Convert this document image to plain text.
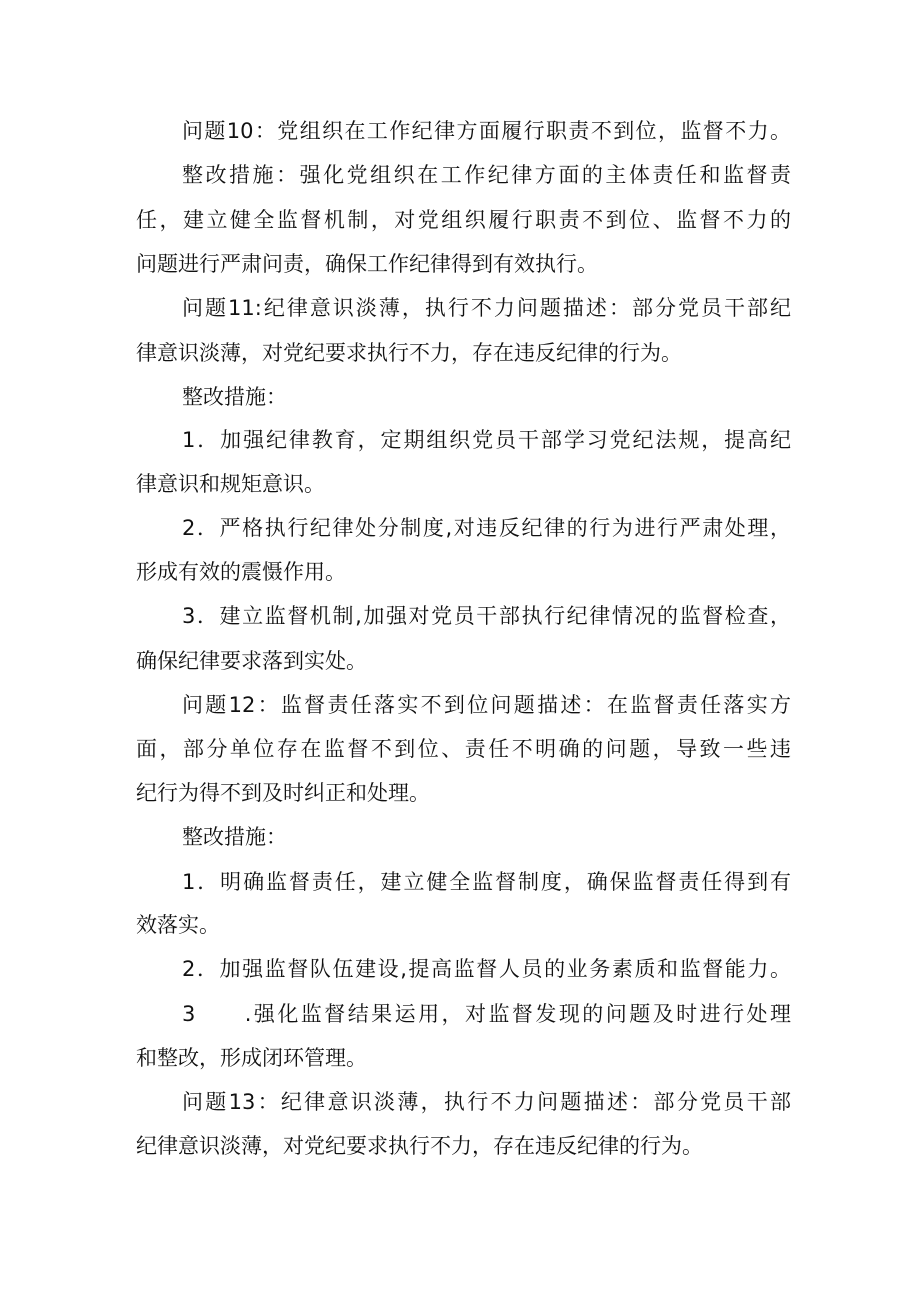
问题10：党组织在工作纪律方面履行职责不到位，监督不力。
整改措施：强化党组织在工作纪律方面的主体责任和监督责
任，建立健全监督机制，对党组织履行职责不到位、监督不力的
问题进行严肃问责，确保工作纪律得到有效执行。
问题11:纪律意识淡薄，执行不力问题描述：部分党员干部纪
律意识淡薄，对党纪要求执行不力，存在违反纪律的行为。
整改措施：
1．加强纪律教育，定期组织党员干部学习党纪法规，提高纪
律意识和规矩意识。
2．严格执行纪律处分制度,对违反纪律的行为进行严肃处理，
形成有效的震慑作用。
3．建立监督机制,加强对党员干部执行纪律情况的监督检查，
确保纪律要求落到实处。
问题12：监督责任落实不到位问题描述：在监督责任落实方
面，部分单位存在监督不到位、责任不明确的问题，导致一些违
纪行为得不到及时纠正和处理。
整改措施：
1．明确监督责任，建立健全监督制度，确保监督责任得到有
效落实。
2．加强监督队伍建设,提高监督人员的业务素质和监督能力。
3　　.强化监督结果运用，对监督发现的问题及时进行处理
和整改，形成闭环管理。
问题13：纪律意识淡薄，执行不力问题描述：部分党员干部
纪律意识淡薄，对党纪要求执行不力，存在违反纪律的行为。
